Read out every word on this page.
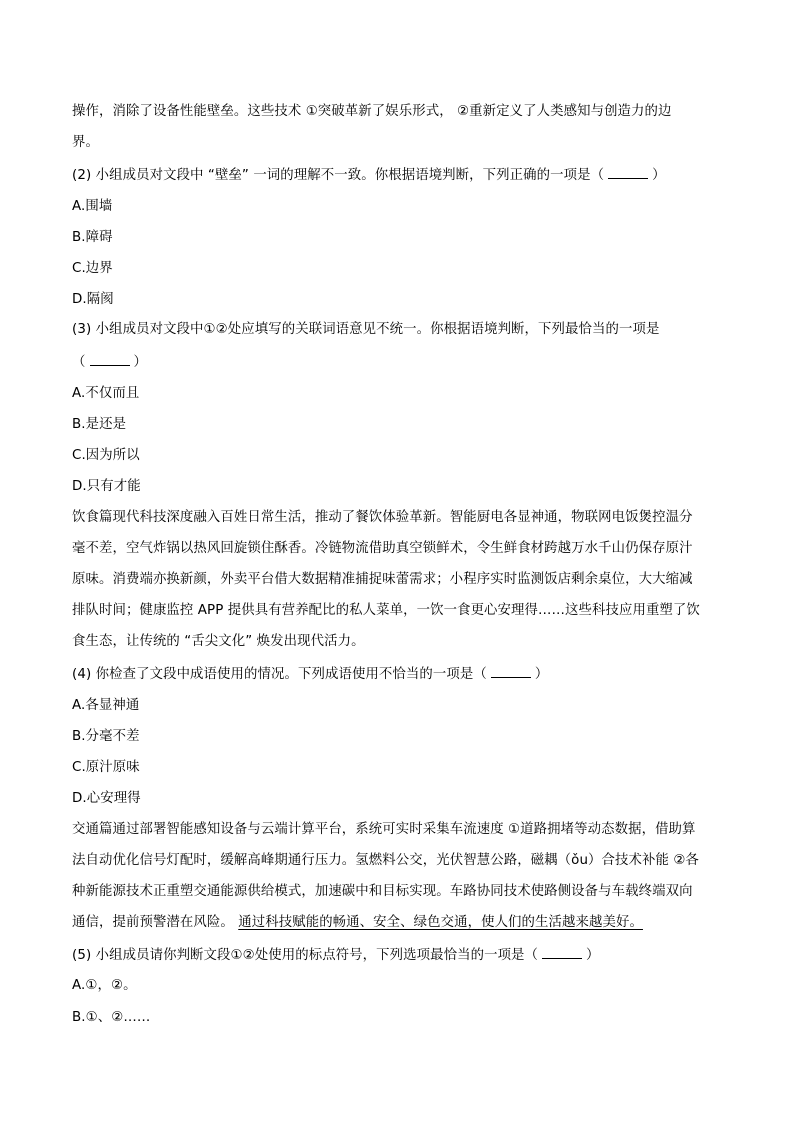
操作，消除了设备性能壁垒。这些技术 ①突破革新了娱乐形式， ②重新定义了人类感知与创造力的边
界。
(2) 小组成员对文段中 “壁垒” 一词的理解不一致。你根据语境判断，下列正确的一项是（	）
A.围墙
B.障碍
C.边界
D.隔阂
(3) 小组成员对文段中①②处应填写的关联词语意见不统一。你根据语境判断，下列最恰当的一项是
（	）
A.不仅而且
B.是还是
C.因为所以
D.只有才能
饮食篇现代科技深度融入百姓日常生活，推动了餐饮体验革新。智能厨电各显神通，物联网电饭煲控温分
毫不差，空气炸锅以热风回旋锁住酥香。冷链物流借助真空锁鲜术，令生鲜食材跨越万水千山仍保存原汁
原味。消费端亦换新颜，外卖平台借大数据精准捕捉味蕾需求；小程序实时监测饭店剩余桌位，大大缩减
排队时间；健康监控 APP 提供具有营养配比的私人菜单，一饮一食更心安理得……这些科技应用重塑了饮
食生态，让传统的 “舌尖文化” 焕发出现代活力。
(4) 你检查了文段中成语使用的情况。下列成语使用不恰当的一项是（	）
A.各显神通
B.分毫不差
C.原汁原味
D.心安理得
交通篇通过部署智能感知设备与云端计算平台，系统可实时采集车流速度 ①道路拥堵等动态数据，借助算
法自动优化信号灯配时，缓解高峰期通行压力。氢燃料公交，光伏智慧公路，磁耦（ǒu）合技术补能 ②各
种新能源技术正重塑交通能源供给模式，加速碳中和目标实现。车路协同技术使路侧设备与车载终端双向
通信，提前预警潜在风险。 通过科技赋能的畅通、安全、绿色交通，使人们的生活越来越美好。
(5) 小组成员请你判断文段①②处使用的标点符号，下列选项最恰当的一项是（	）
A.①，②。
B.①、②……
